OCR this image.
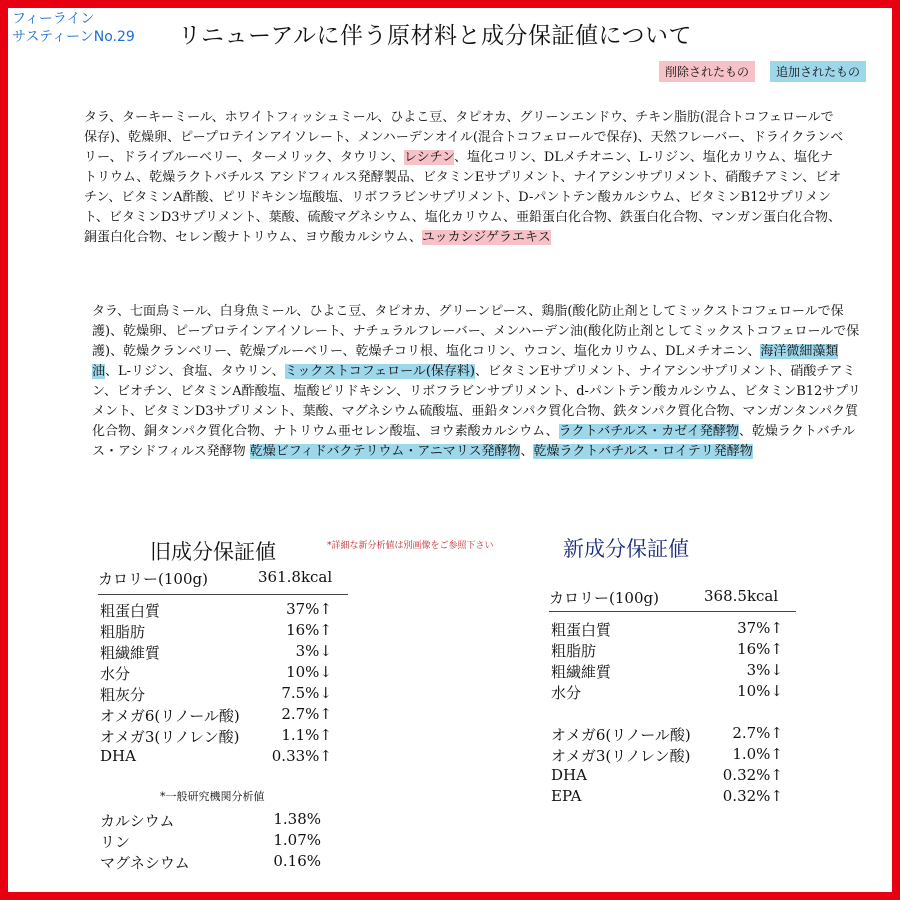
フィーライン
サスティーンNo.29 リニューアルに伴う原材料と成分保証値について
削除されたもの	追加されたもの
タラ、ターキーミール、ホワイトフィッシュミール、ひよこ豆、タピオカ、グリーンエンドウ、チキン脂肪(混合トコフェロールで保存)、乾燥卵、ピープロテインアイソレート、メンハーデンオイル(混合トコフェロールで保存)、天然フレーバー、ドライクランベリー、ドライブルーベリー、ターメリック、タウリン、レシチン、塩化コリン、DLメチオニン、L-リジン、塩化カリウム、塩化ナトリウム、乾燥ラクトバチルス アシドフィルス発酵製品、ビタミンEサプリメント、ナイアシンサプリメント、硝酸チアミン、ビオチン、ビタミンA酢酸、ピリドキシン塩酸塩、リボフラビンサプリメント、D-パントテン酸カルシウム、ビタミンB12サプリメント、ビタミンD3サプリメント、葉酸、硫酸マグネシウム、塩化カリウム、亜鉛蛋白化合物、鉄蛋白化合物、マンガン蛋白化合物、銅蛋白化合物、セレン酸ナトリウム、ヨウ酸カルシウム、ユッカシジゲラエキス
タラ、七面鳥ミール、白身魚ミール、ひよこ豆、タピオカ、グリーンピース、鶏脂(酸化防止剤としてミックストコフェロールで保護)、乾燥卵、ピープロテインアイソレート、ナチュラルフレーバー、メンハーデン油(酸化防止剤としてミックストコフェロールで保護)、乾燥クランベリー、乾燥ブルーベリー、乾燥チコリ根、塩化コリン、ウコン、塩化カリウム、DLメチオニン、海洋微細藻類油、L-リジン、食塩、タウリン、ミックストコフェロール(保存料)、ビタミンEサプリメント、ナイアシンサプリメント、硝酸チアミン、ビオチン、ビタミンA酢酸塩、塩酸ピリドキシン、リボフラビンサプリメント、d-パントテン酸カルシウム、ビタミンB12サプリメント、ビタミンD3サプリメント、葉酸、マグネシウム硫酸塩、亜鉛タンパク質化合物、鉄タンパク質化合物、マンガンタンパク質化合物、銅タンパク質化合物、ナトリウム亜セレン酸塩、ヨウ素酸カルシウム、ラクトバチルス・カゼイ発酵物、乾燥ラクトバチルス・アシドフィルス発酵物 乾燥ビフィドバクテリウム・アニマリス発酵物、乾燥ラクトバチルス・ロイテリ発酵物
旧成分保証値	*詳細な新分析値は別画像をご参照下さい	新成分保証値
カロリー(100g)	361.8kcal
粗蛋白質	37%↑
粗脂肪	16%↑
粗繊維質	3%↓
水分	10%↓
粗灰分	7.5%↓
オメガ6(リノール酸)	2.7%↑
オメガ3(リノレン酸)	1.1%↑
DHA	0.33%↑
*一般研究機関分析値
カルシウム	1.38%
リン	1.07%
マグネシウム	0.16%
カロリー(100g)	368.5kcal
粗蛋白質	37%↑
粗脂肪	16%↑
粗繊維質	3%↓
水分	10%↓
オメガ6(リノール酸)	2.7%↑
オメガ3(リノレン酸)	1.0%↑
DHA	0.32%↑
EPA	0.32%↑
